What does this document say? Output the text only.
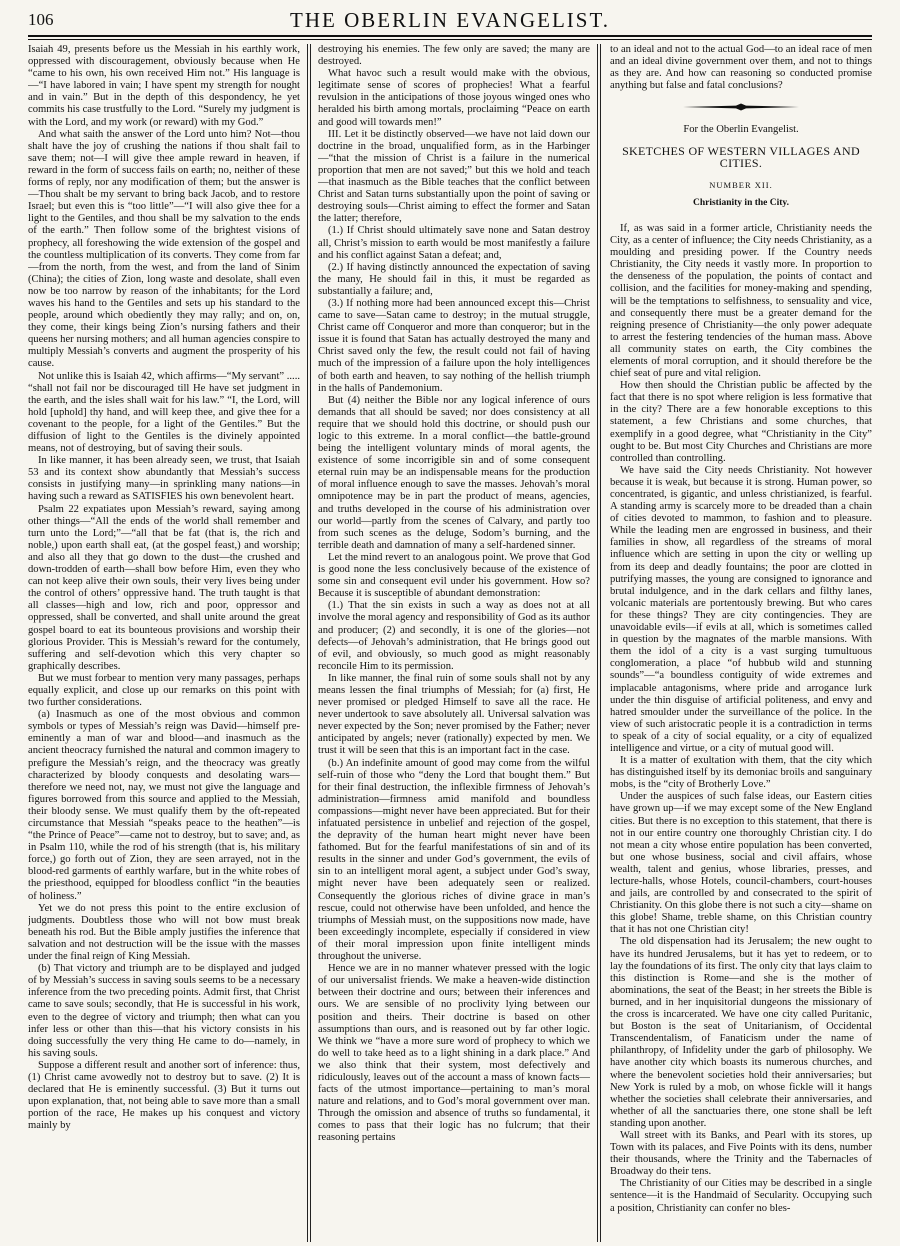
106	THE OBERLIN EVANGELIST.

Isaiah 49, presents before us the Messiah in his earthly work, oppressed with discouragement, obviously because when He “came to his own, his own received Him not.” His language is—“I have labored in vain; I have spent my strength for nought and in vain.” But in the depth of this despondency, he yet commits his case trustfully to the Lord. “Surely my judgment is with the Lord, and my work (or reward) with my God.”

And what saith the answer of the Lord unto him? Not—thou shalt have the joy of crushing the nations if thou shalt fail to save them; not—I will give thee ample reward in heaven, if reward in the form of success fails on earth; no, neither of these forms of reply, nor any modification of them; but the answer is—Thou shalt be my servant to bring back Jacob, and to restore Israel; but even this is “too little”—“I will also give thee for a light to the Gentiles, and thou shall be my salvation to the ends of the earth.” Then follow some of the brightest visions of prophecy, all foreshowing the wide extension of the gospel and the countless multiplication of its converts. They come from far—from the north, from the west, and from the land of Sinim (China); the cities of Zion, long waste and desolate, shall even now be too narrow by reason of the inhabitants; for the Lord waves his hand to the Gentiles and sets up his standard to the people, around which obediently they may rally; and on, on, they come, their kings being Zion’s nursing fathers and their queens her nursing mothers; and all human agencies conspire to multiply Messiah’s converts and augment the prosperity of his cause.

Not unlike this is Isaiah 42, which affirms—“My servant” ..... “shall not fail nor be discouraged till He have set judgment in the earth, and the isles shall wait for his law.” “I, the Lord, will hold [uphold] thy hand, and will keep thee, and give thee for a covenant to the people, for a light of the Gentiles.” But the diffusion of light to the Gentiles is the divinely appointed means, not of destroying, but of saving their souls.

In like manner, it has been already seen, we trust, that Isaiah 53 and its context show abundantly that Messiah’s success consists in justifying many—in sprinkling many nations—in having such a reward as SATISFIES his own benevolent heart.

Psalm 22 expatiates upon Messiah’s reward, saying among other things—“All the ends of the world shall remember and turn unto the Lord;”—“all that be fat (that is, the rich and noble,) upon earth shall eat, (at the gospel feast,) and worship; and also all they that go down to the dust—the crushed and down-trodden of earth—shall bow before Him, even they who can not keep alive their own souls, their very lives being under the control of others’ oppressive hand. The truth taught is that all classes—high and low, rich and poor, oppressor and oppressed, shall be converted, and shall unite around the great gospel board to eat its bounteous provisions and worship their glorious Provider. This is Messiah’s reward for the contumely, suffering and self-devotion which this very chapter so graphically describes.

But we must forbear to mention very many passages, perhaps equally explicit, and close up our remarks on this point with two further considerations.

(a) Inasmuch as one of the most obvious and common symbols or types of Messiah’s reign was David—himself pre-eminently a man of war and blood—and inasmuch as the ancient theocracy furnished the natural and common imagery to prefigure the Messiah’s reign, and the theocracy was greatly characterized by bloody conquests and desolating wars—therefore we need not, nay, we must not give the language and figures borrowed from this source and applied to the Messiah, their bloody sense. We must qualify them by the oft-repeated circumstance that Messiah “speaks peace to the heathen”—is “the Prince of Peace”—came not to destroy, but to save; and, as in Psalm 110, while the rod of his strength (that is, his military force,) go forth out of Zion, they are seen arrayed, not in the blood-red garments of earthly warfare, but in the white robes of the priesthood, equipped for bloodless conflict “in the beauties of holiness.”

Yet we do not press this point to the entire exclusion of judgments. Doubtless those who will not bow must break beneath his rod. But the Bible amply justifies the inference that salvation and not destruction will be the issue with the masses under the final reign of King Messiah.

(b) That victory and triumph are to be displayed and judged of by Messiah’s success in saving souls seems to be a necessary inference from the two preceding points. Admit first, that Christ came to save souls; secondly, that He is successful in his work, even to the degree of victory and triumph; then what can you infer less or other than this—that his victory consists in his doing successfully the very thing He came to do—namely, in his saving souls.

Suppose a different result and another sort of inference: thus, (1) Christ came avowedly not to destroy but to save. (2) It is declared that He is eminently successful. (3) But it turns out upon explanation, that, not being able to save more than a small portion of the race, He makes up his conquest and victory mainly by

destroying his enemies. The few only are saved; the many are destroyed.

What havoc such a result would make with the obvious, legitimate sense of scores of prophecies! What a fearful revulsion in the anticipations of those joyous winged ones who heralded his birth among mortals, proclaiming “Peace on earth and good will towards men!”

III. Let it be distinctly observed—we have not laid down our doctrine in the broad, unqualified form, as in the Harbinger—“that the mission of Christ is a failure in the numerical proportion that men are not saved;” but this we hold and teach—that inasmuch as the Bible teaches that the conflict between Christ and Satan turns substantially upon the point of saving or destroying souls—Christ aiming to effect the former and Satan the latter; therefore,

(1.) If Christ should ultimately save none and Satan destroy all, Christ’s mission to earth would be most manifestly a failure and his conflict against Satan a defeat; and,

(2.) If having distinctly announced the expectation of saving the many, He should fail in this, it must be regarded as substantially a failure; and,

(3.) If nothing more had been announced except this—Christ came to save—Satan came to destroy; in the mutual struggle, Christ came off Conqueror and more than conqueror; but in the issue it is found that Satan has actually destroyed the many and Christ saved only the few, the result could not fail of having much of the impression of a failure upon the holy intelligences of both earth and heaven, to say nothing of the hellish triumph in the halls of Pandemonium.

But (4) neither the Bible nor any logical inference of ours demands that all should be saved; nor does consistency at all require that we should hold this doctrine, or should push our logic to this extreme. In a moral conflict—the battle-ground being the intelligent voluntary minds of moral agents, the existence of some incorrigible sin and of some consequent eternal ruin may be an indispensable means for the production of moral influence enough to save the masses. Jehovah’s moral omnipotence may be in part the product of means, agencies, and truths developed in the course of his administration over our world—partly from the scenes of Calvary, and partly too from such scenes as the deluge, Sodom’s burning, and the terrible death and damnation of many a self-hardened sinner.

Let the mind revert to an analogous point. We prove that God is good none the less conclusively because of the existence of some sin and consequent evil under his government. How so? Because it is susceptible of abundant demonstration:

(1.) That the sin exists in such a way as does not at all involve the moral agency and responsibility of God as its author and producer; (2) and secondly, it is one of the glories—not defects—of Jehovah’s administration, that He brings good out of evil, and obviously, so much good as might reasonably reconcile Him to its permission.

In like manner, the final ruin of some souls shall not by any means lessen the final triumphs of Messiah; for (a) first, He never promised or pledged Himself to save all the race. He never undertook to save absolutely all. Universal salvation was never expected by the Son; never promised by the Father; never anticipated by angels; never (rationally) expected by men. We trust it will be seen that this is an important fact in the case.

(b.) An indefinite amount of good may come from the wilful self-ruin of those who “deny the Lord that bought them.” But for their final destruction, the inflexible firmness of Jehovah’s administration—firmness amid manifold and boundless compassions—might never have been appreciated. But for their infatuated persistence in unbelief and rejection of the gospel, the depravity of the human heart might never have been fathomed. But for the fearful manifestations of sin and of its results in the sinner and under God’s government, the evils of sin to an intelligent moral agent, a subject under God’s sway, might never have been adequately seen or realized. Consequently the glorious riches of divine grace in man’s rescue, could not otherwise have been unfolded, and hence the triumphs of Messiah must, on the suppositions now made, have been exceedingly incomplete, especially if considered in view of their moral impression upon finite intelligent minds throughout the universe.

Hence we are in no manner whatever pressed with the logic of our universalist friends. We make a heaven-wide distinction between their doctrine and ours; between their inferences and ours. We are sensible of no proclivity lying between our position and theirs. Their doctrine is based on other assumptions than ours, and is reasoned out by far other logic. We think we “have a more sure word of prophecy to which we do well to take heed as to a light shining in a dark place.” And we also think that their system, most defectively and ridiculously, leaves out of the account a mass of known facts—facts of the utmost importance—pertaining to man’s moral nature and relations, and to God’s moral government over man. Through the omission and absence of truths so fundamental, it comes to pass that their logic has no fulcrum; that their reasoning pertains

to an ideal and not to the actual God—to an ideal race of men and an ideal divine government over them, and not to things as they are. And how can reasoning so conducted promise anything but false and fatal conclusions?

For the Oberlin Evangelist.
SKETCHES OF WESTERN VILLAGES AND CITIES.
NUMBER XII.
Christianity in the City.

If, as was said in a former article, Christianity needs the City, as a center of influence; the City needs Christianity, as a moulding and presiding power. If the Country needs Christianity, the City needs it vastly more. In proportion to the denseness of the population, the points of contact and collision, and the facilities for money-making and spending, will be the temptations to selfishness, to sensuality and vice, and consequently there must be a greater demand for the reigning presence of Christianity—the only power adequate to arrest the festering tendencies of the human mass. Above all community states on earth, the City combines the elements of moral corruption, and it should therefore be the chief seat of pure and vital religion.

How then should the Christian public be affected by the fact that there is no spot where religion is less formative that in the city? There are a few honorable exceptions to this statement, a few Christians and some churches, that exemplify in a good degree, what “Christianity in the City” ought to be. But most City Churches and Christians are more controlled than controlling.

We have said the City needs Christianity. Not however because it is weak, but because it is strong. Human power, so concentrated, is gigantic, and unless christianized, is fearful. A standing army is scarcely more to be dreaded than a chain of cities devoted to mammon, to fashion and to pleasure. While the leading men are engrossed in business, and their families in show, all regardless of the streams of moral influence which are setting in upon the city or welling up from its deep and deadly fountains; the poor are clotted in putrifying masses, the young are consigned to ignorance and brutal indulgence, and in the dark cellars and filthy lanes, volcanic materials are portentously brewing. But who cares for these things? They are city contingencies. They are unavoidable evils—if evils at all, which is sometimes called in question by the magnates of the marble mansions. With them the idol of a city is a vast surging tumultuous conglomeration, a place “of hubbub wild and stunning sounds”—“a boundless contiguity of wide extremes and implacable antagonisms, where pride and arrogance lurk under the thin disguise of artificial politeness, and envy and hatred smoulder under the surveillance of the police. In the view of such aristocratic people it is a contradiction in terms to speak of a city of social equality, or a city of equalized intelligence and virtue, or a city of mutual good will.

It is a matter of exultation with them, that the city which has distinguished itself by its demoniac broils and sanguinary mobs, is the “city of Brotherly Love.”

Under the auspices of such false ideas, our Eastern cities have grown up—if we may except some of the New England cities. But there is no exception to this statement, that there is not in our entire country one thoroughly Christian city. I do not mean a city whose entire population has been converted, but one whose business, social and civil affairs, whose wealth, talent and genius, whose libraries, presses, and lecture-halls, whose Hotels, council-chambers, court-houses and jails, are controlled by and consecrated to the spirit of Christianity. On this globe there is not such a city—shame on this globe! Shame, treble shame, on this Christian country that it has not one Christian city!

The old dispensation had its Jerusalem; the new ought to have its hundred Jerusalems, but it has yet to redeem, or to lay the foundations of its first. The only city that lays claim to this distinction is Rome—and she is the mother of abominations, the seat of the Beast; in her streets the Bible is burned, and in her inquisitorial dungeons the missionary of the cross is incarcerated. We have one city called Puritanic, but Boston is the seat of Unitarianism, of Occidental Transcendentalism, of Fanaticism under the name of philanthropy, of Infidelity under the garb of philosophy. We have another city which boasts its numerous churches, and where the benevolent societies hold their anniversaries; but New York is ruled by a mob, on whose fickle will it hangs whether the societies shall celebrate their anniversaries, and whether of all the sanctuaries there, one stone shall be left standing upon another.

Wall street with its Banks, and Pearl with its stores, up Town with its palaces, and Five Points with its dens, number their thousands, where the Trinity and the Tabernacles of Broadway do their tens.

The Christianity of our Cities may be described in a single sentence—it is the Handmaid of Secularity. Occupying such a position, Christianity can confer no bles-
